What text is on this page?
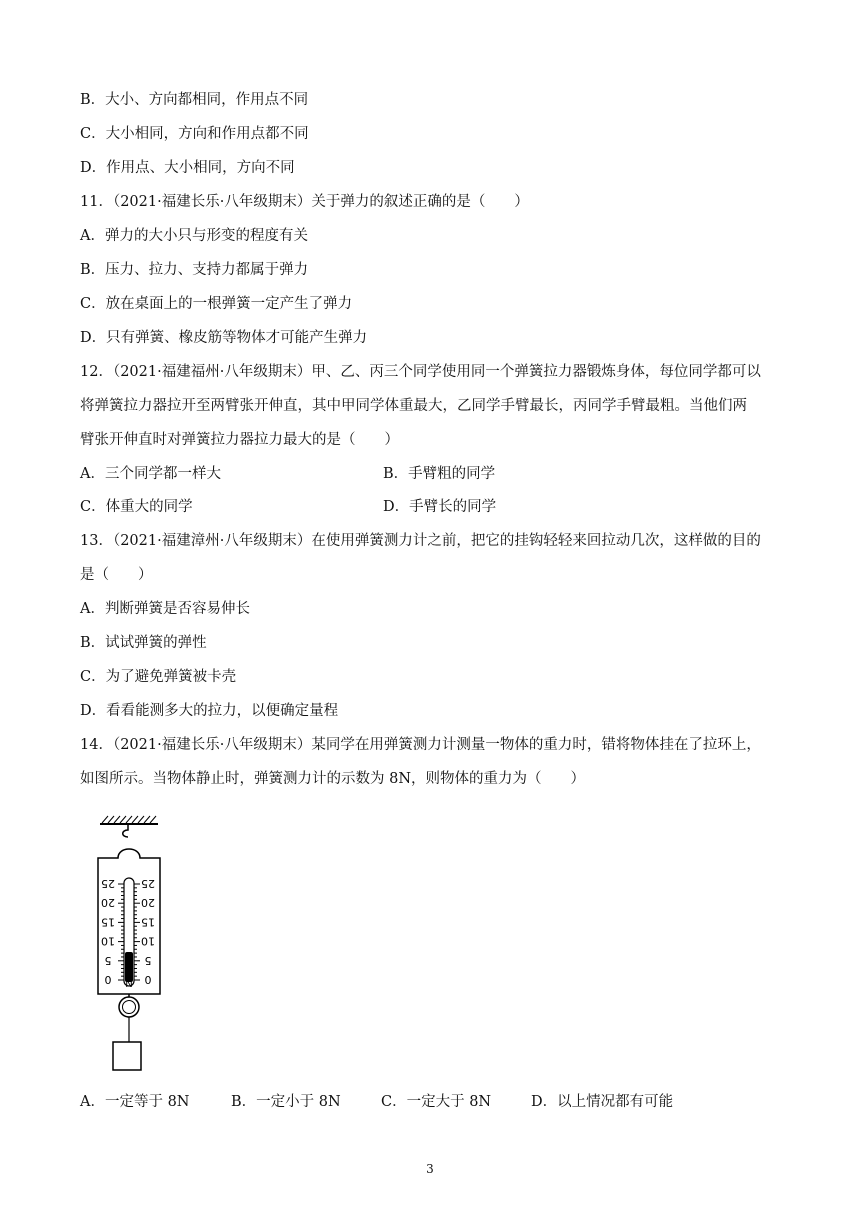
B．大小、方向都相同，作用点不同
C．大小相同，方向和作用点都不同
D．作用点、大小相同，方向不同
11．（2021·福建长乐·八年级期末）关于弹力的叙述正确的是（　　）
A．弹力的大小只与形变的程度有关
B．压力、拉力、支持力都属于弹力
C．放在桌面上的一根弹簧一定产生了弹力
D．只有弹簧、橡皮筋等物体才可能产生弹力
12．（2021·福建福州·八年级期末）甲、乙、丙三个同学使用同一个弹簧拉力器锻炼身体，每位同学都可以
将弹簧拉力器拉开至两臂张开伸直，其中甲同学体重最大，乙同学手臂最长，丙同学手臂最粗。当他们两
臂张开伸直时对弹簧拉力器拉力最大的是（　　）
A．三个同学都一样大	B．手臂粗的同学
C．体重大的同学	D．手臂长的同学
13．（2021·福建漳州·八年级期末）在使用弹簧测力计之前，把它的挂钩轻轻来回拉动几次，这样做的目的
是（　　）
A．判断弹簧是否容易伸长
B．试试弹簧的弹性
C．为了避免弹簧被卡壳
D．看看能测多大的拉力，以便确定量程
14．（2021·福建长乐·八年级期末）某同学在用弹簧测力计测量一物体的重力时，错将物体挂在了拉环上，
如图所示。当物体静止时，弹簧测力计的示数为 8N，则物体的重力为（　　）
25
20
15
10
5
0
25
20
15
10
5
0
N
A．一定等于 8N	B．一定小于 8N	C．一定大于 8N	D．以上情况都有可能
3
